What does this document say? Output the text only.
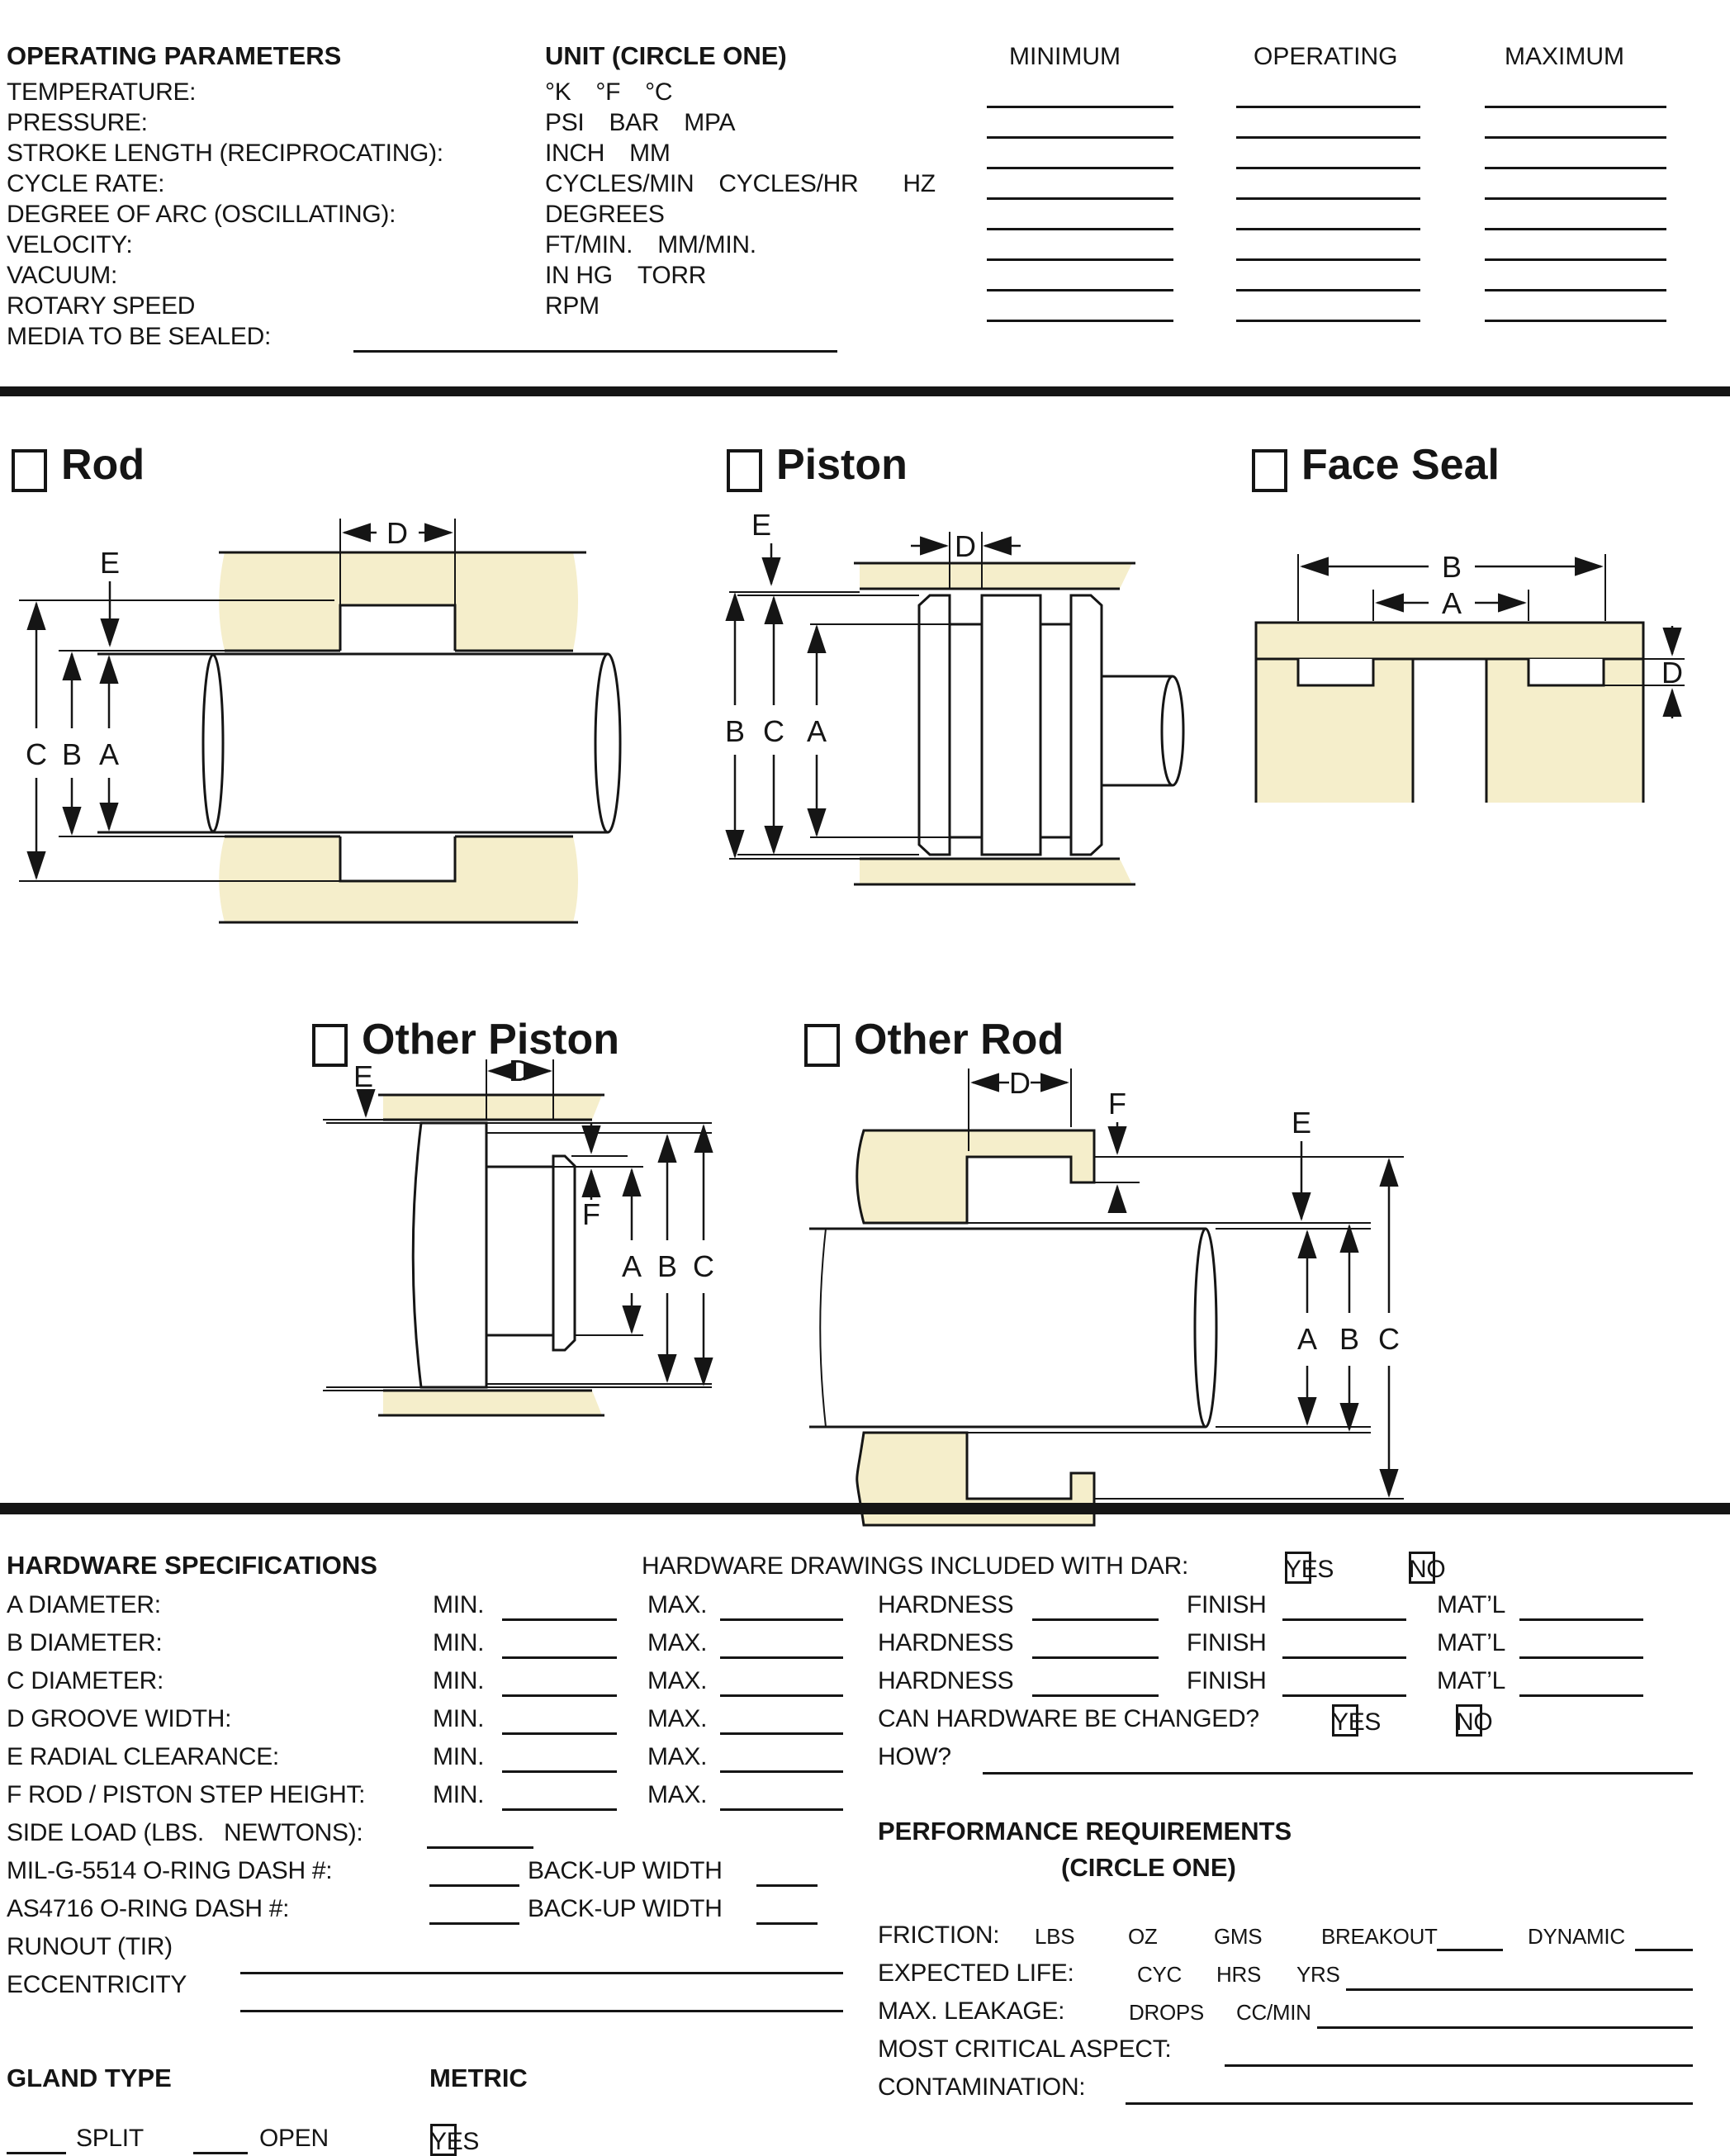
OPERATING PARAMETERS	UNIT (CIRCLE ONE)	MINIMUM	OPERATING	MAXIMUM
TEMPERATURE:	°K °F °C
PRESSURE:	PSI BAR MPA
STROKE LENGTH (RECIPROCATING):	INCH MM
CYCLE RATE:	CYCLES/MIN CYCLES/HR HZ
DEGREE OF ARC (OSCILLATING):	DEGREES
VELOCITY:	FT/MIN. MM/MIN.
VACUUM:	IN HG TORR
ROTARY SPEED	RPM
MEDIA TO BE SEALED:
Rod	Piston	Face Seal
Other Piston	Other Rod
D
E
C B A
D
E
B C A
B
A
D
D
E
F
A B C
D
F
E
A B C
HARDWARE SPECIFICATIONS	HARDWARE DRAWINGS INCLUDED WITH DAR:	YES	NO
A DIAMETER:	MIN.	MAX.	HARDNESS	FINISH	MAT’L
B DIAMETER:	MIN.	MAX.	HARDNESS	FINISH	MAT’L
C DIAMETER:	MIN.	MAX.	HARDNESS	FINISH	MAT’L
D GROOVE WIDTH:	MIN.	MAX.	CAN HARDWARE BE CHANGED?	YES	NO
E RADIAL CLEARANCE:	MIN.	MAX.	HOW?
F ROD / PISTON STEP HEIGHT:	MIN.	MAX.
SIDE LOAD (LBS.   NEWTONS):
MIL-G-5514 O-RING DASH #:	BACK-UP WIDTH
AS4716 O-RING DASH #:	BACK-UP WIDTH
RUNOUT (TIR)
ECCENTRICITY
PERFORMANCE REQUIREMENTS
(CIRCLE ONE)
FRICTION: LBS OZ	GMS	BREAKOUT	DYNAMIC
EXPECTED LIFE:	CYC HRS YRS
MAX. LEAKAGE:	DROPS CC/MIN
MOST CRITICAL ASPECT:
CONTAMINATION:
GLAND TYPE	METRIC
SPLIT	OPEN	YES
